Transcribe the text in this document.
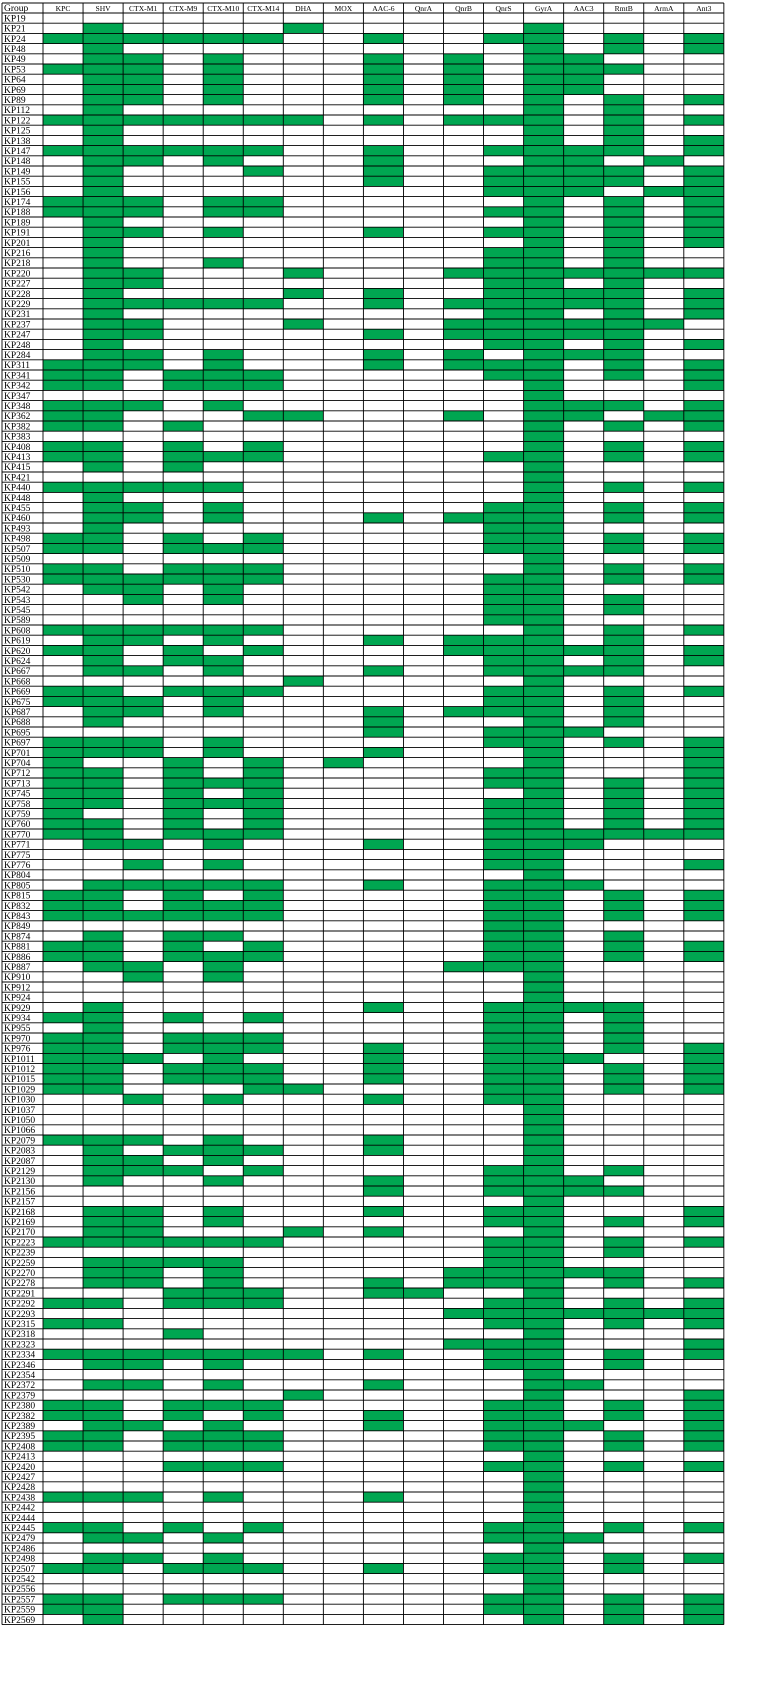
Group	KPC	SHV CTX-M1 CTX-M9 CTX-M10 CTX-M14 DHA	MOX	AAC-6	QnrA	QnrB	QnrS	GyrA	AAC3	RmtB	ArmA	Ant3
KP19
KP21
KP24
KP48
KP49
KP53
KP64
KP69
KP89
KP112
KP122
KP125
KP138
KP147
KP148
KP149
KP155
KP156
KP174
KP188
KP189
KP191
KP201
KP216
KP218
KP220
KP227
KP228
KP229
KP231
KP237
KP247
KP248
KP284
KP311
KP341
KP342
KP347
KP348
KP362
KP382
KP383
KP408
KP413
KP415
KP421
KP440
KP448
KP455
KP460
KP493
KP498
KP507
KP509
KP510
KP530
KP542
KP543
KP545
KP589
KP608
KP619
KP620
KP624
KP667
KP668
KP669
KP675
KP687
KP688
KP695
KP697
KP701
KP704
KP712
KP713
KP745
KP758
KP759
KP760
KP770
KP771
KP775
KP776
KP804
KP805
KP815
KP832
KP843
KP849
KP874
KP881
KP886
KP887
KP910
KP912
KP924
KP929
KP934
KP955
KP970
KP976
KP1011
KP1012
KP1015
KP1029
KP1030
KP1037
KP1050
KP1066
KP2079
KP2083
KP2087
KP2129
KP2130
KP2156
KP2157
KP2168
KP2169
KP2170
KP2223
KP2239
KP2259
KP2270
KP2278
KP2291
KP2292
KP2293
KP2315
KP2318
KP2323
KP2334
KP2346
KP2354
KP2372
KP2379
KP2380
KP2382
KP2389
KP2395
KP2408
KP2413
KP2420
KP2427
KP2428
KP2438
KP2442
KP2444
KP2445
KP2479
KP2486
KP2498
KP2507
KP2542
KP2556
KP2557
KP2559
KP2569
